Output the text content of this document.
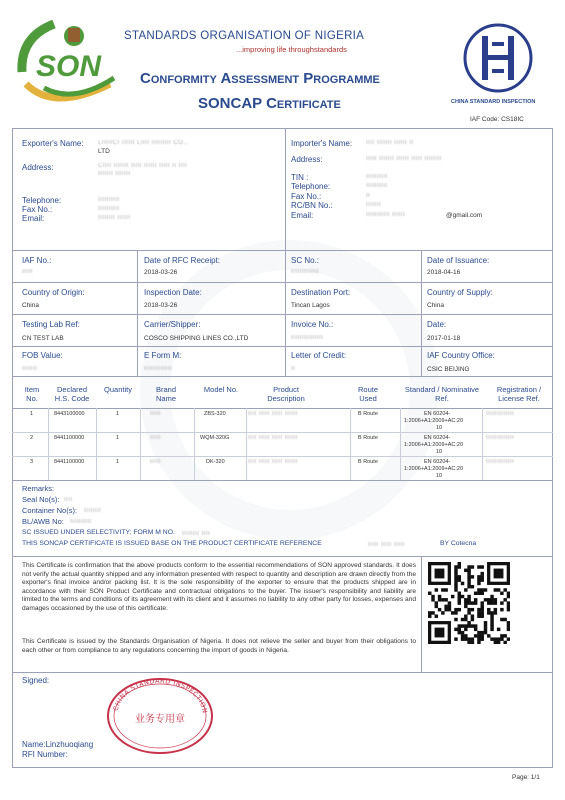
SON
STANDARDS ORGANISATION OF NIGERIA
...improving life throughstandards
Conformity Assessment Programme
SONCAP Certificate	CHINA STANDARD INSPECTION
IAF Code: CS18IC
Exporter's Name: LIIIIICI IIIIII LIIII IIIIIIIII CO.,
LTD
Address:	CIIII IIIIIII IIIII IIIIII IIIII II IIII
IIIIIII IIIIIII
Telephone:	IIIIIIIIII
Fax No.:	IIIIIIIIII
Email:	IIIIIIII IIIIII
Importer's Name: IIII IIIIIII IIIIII II
Address:	IIIII IIIIIII IIIIII IIIII IIIIIIII
TIN :	IIIIIIIIII
Telephone:	IIIIIIIIII
Fax No.:	II
RC/BN No.:	IIIIIII
Email:	IIIIIIIIIII IIIIII	@gmail.com
IAF No.:
IIIII
Date of RFC Receipt:
2018-03-26
SC No.:
IIIIIIIIIIIII
Date of Issuance:
2018-04-16
Country of Origin:
China
Inspection Date:
2018-03-26
Destination Port:
Tincan Lagos
Country of Supply:
China
Testing Lab Ref:
CN TEST LAB
Carrier/Shipper:
COSCO SHIPPING LINES CO.,LTD
Invoice No.:
IIIIIIIIIIIIIII
Date:
2017-01-18
FOB Value:
IIIIIII
E Form M:
IIIIIIIIIIIII
Letter of Credit:
II
IAF Country Office:
CSIC BEIJING
Item No.
Declared H.S. Code
Quantity	Brand Name
Model No.	Product Description
Route Used
Standard / Nominative Ref.
Registration / License Ref.
1	8443100000	1	IIIII	ZBS-320	IIII IIIII IIIII IIIIII	B Route	EN 60204-
1:2006+A1:2009+AC:20
10
IIIIIIIIIIIII
2	8441100000	1	IIIII	WQM-320G	IIII IIIII IIIII IIIIII	B Route	EN 60204-
1:2006+A1:2009+AC:20
10
IIIIIIIIIIIII
3	8441100000	1	IIIII	DK-320	IIII IIIII IIIII IIIIII	B Route	EN 60204-
1:2006+A1:2009+AC:20
10
IIIIIIIIIIIII
Remarks:
Seal No(s): IIII
Container No(s): IIIIIIII
BL/AWB No: IIIIIIIIII
SC ISSUED UNDER SELECTIVITY; FORM M NO. IIIIIIII IIII
THIS SONCAP CERTIFICATE IS ISSUED BASE ON THE PRODUCT CERTIFICATE REFERENCE	IIIII IIIII IIIII	BY Cotecna
This Certificate is confirmation that the above products conform to the essential recommendations of SON approved standards. It does not verify the actual quantity shipped and any information presented with respect to quantity and description are drawn directly from the exporter's final invoice and/or packing list. It is the sole responsibility of the exporter to ensure that the products shipped are in accordance with their SON Product Certificate and contractual obligations to the buyer. The issuer's responsibility and liability are limited to the terms and conditions of its agreement with its client and it assumes no liability to any other party for losses, expenses and damages occasioned by the use of this certificate.
This Certificate is issued by the Standards Organisation of Nigeria. It does not relieve the seller and buyer from their obligations to each other or from compliance to any regulations concerning the import of goods in Nigeria.
Signed:
CHINA STANDARD INSPECTION
业务专用章
Name:Linzhuoqiang
RFI Number:
Page: 1/1
